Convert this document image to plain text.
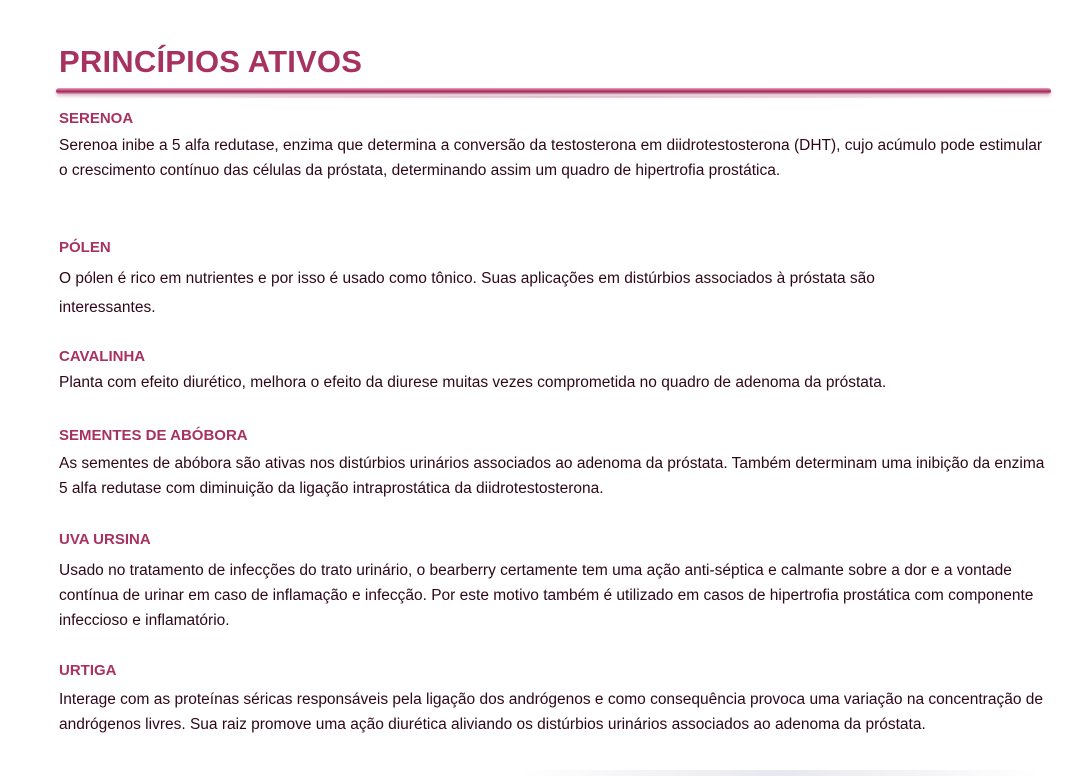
PRINCÍPIOS ATIVOS
SERENOA

Serenoa inibe a 5 alfa redutase, enzima que determina a conversão da testosterona em diidrotestosterona (DHT), cujo acúmulo pode estimular o crescimento contínuo das células da próstata, determinando assim um quadro de hipertrofia prostática.

PÓLEN

O pólen é rico em nutrientes e por isso é usado como tônico. Suas aplicações em distúrbios associados à próstata são interessantes.

CAVALINHA

Planta com efeito diurético, melhora o efeito da diurese muitas vezes comprometida no quadro de adenoma da próstata.

SEMENTES DE ABÓBORA

As sementes de abóbora são ativas nos distúrbios urinários associados ao adenoma da próstata. Também determinam uma inibição da enzima 5 alfa redutase com diminuição da ligação intraprostática da diidrotestosterona.

UVA URSINA

Usado no tratamento de infecções do trato urinário, o bearberry certamente tem uma ação anti-séptica e calmante sobre a dor e a vontade contínua de urinar em caso de inflamação e infecção. Por este motivo também é utilizado em casos de hipertrofia prostática com componente infeccioso e inflamatório.

URTIGA

Interage com as proteínas séricas responsáveis pela ligação dos andrógenos e como consequência provoca uma variação na concentração de andrógenos livres. Sua raiz promove uma ação diurética aliviando os distúrbios urinários associados ao adenoma da próstata.
